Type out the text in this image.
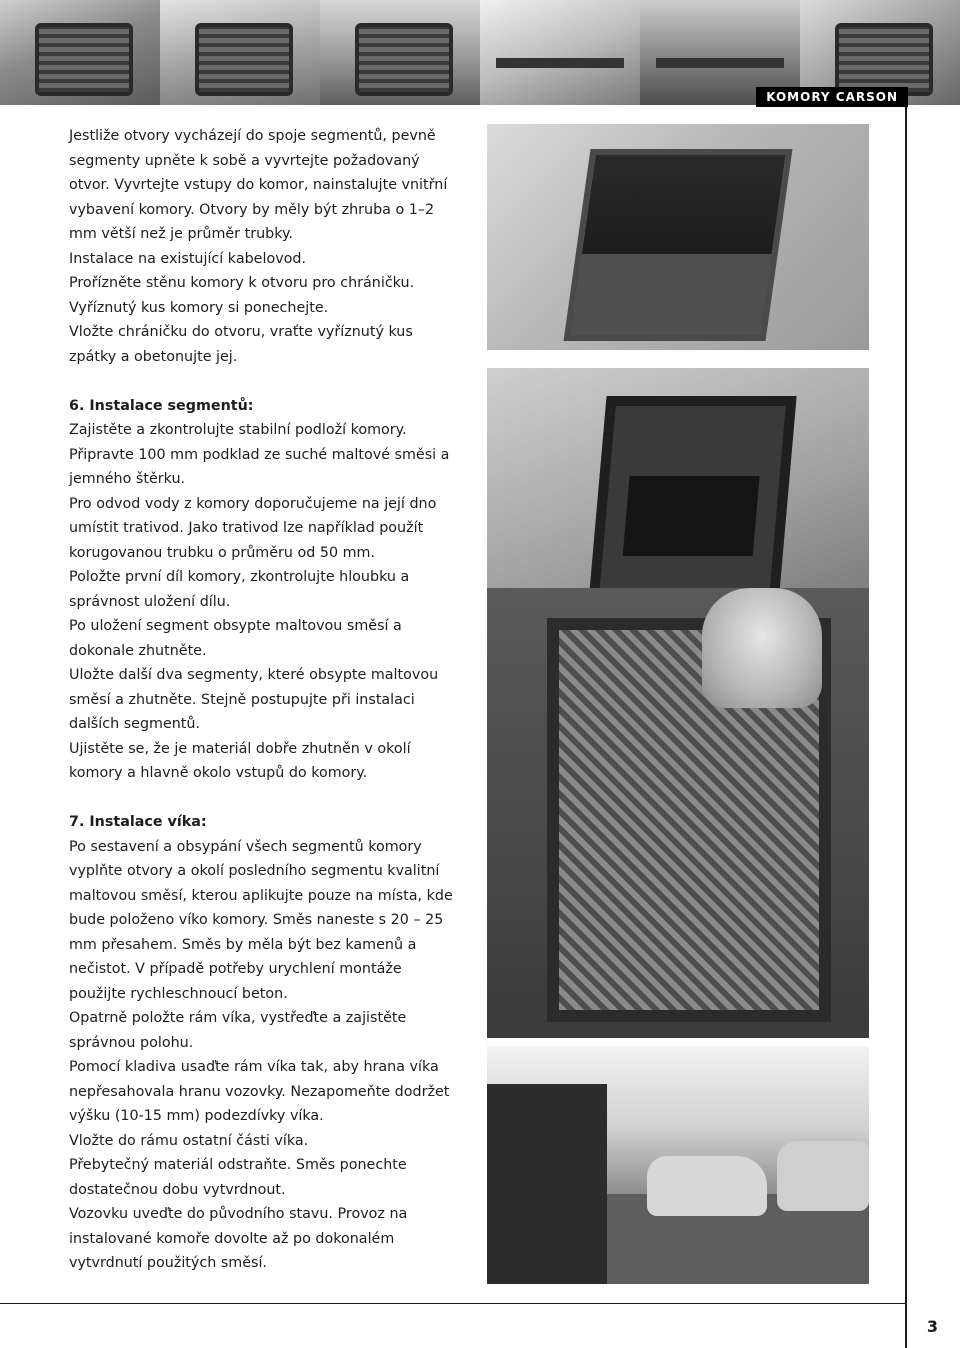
KOMORY CARSON

Jestliže otvory vycházejí do spoje segmentů, pevně segmenty upněte k sobě a vyvrtejte požadovaný otvor. Vyvrtejte vstupy do komor, nainstalujte vnitřní vybavení komory. Otvory by měly být zhruba o 1–2 mm větší než je průměr trubky.

Instalace na existující kabelovod.

Prořízněte stěnu komory k otvoru pro chráničku.

Vyříznutý kus komory si ponechejte.

Vložte chráničku do otvoru, vraťte vyříznutý kus zpátky a obetonujte jej.

6. Instalace segmentů:

Zajistěte a zkontrolujte stabilní podloží komory.

Připravte 100 mm podklad ze suché maltové směsi a jemného štěrku.

Pro odvod vody z komory doporučujeme na její dno umístit trativod. Jako trativod lze například použít korugovanou trubku o průměru od 50 mm.

Položte první díl komory, zkontrolujte hloubku a správnost uložení dílu.

Po uložení segment obsypte maltovou směsí a dokonale zhutněte.

Uložte další dva segmenty, které obsypte maltovou směsí a zhutněte. Stejně postupujte při instalaci dalších segmentů.

Ujistěte se, že je materiál dobře zhutněn v okolí komory a hlavně okolo vstupů do komory.

7. Instalace víka:

Po sestavení a obsypání všech segmentů komory vyplňte otvory a okolí posledního segmentu kvalitní maltovou směsí, kterou aplikujte pouze na místa, kde bude položeno víko komory. Směs naneste s 20 – 25 mm přesahem. Směs by měla být bez kamenů a nečistot. V případě potřeby urychlení montáže použijte rychleschnoucí beton.

Opatrně položte rám víka, vystřeďte a zajistěte správnou polohu.

Pomocí kladiva usaďte rám víka tak, aby hrana víka nepřesahovala hranu vozovky. Nezapomeňte dodržet výšku (10-15 mm) podezdívky víka.

Vložte do rámu ostatní části víka.

Přebytečný materiál odstraňte. Směs ponechte dostatečnou dobu vytvrdnout.

Vozovku uveďte do původního stavu. Provoz na instalované komoře dovolte až po dokonalém vytvrdnutí použitých směsí.

3
